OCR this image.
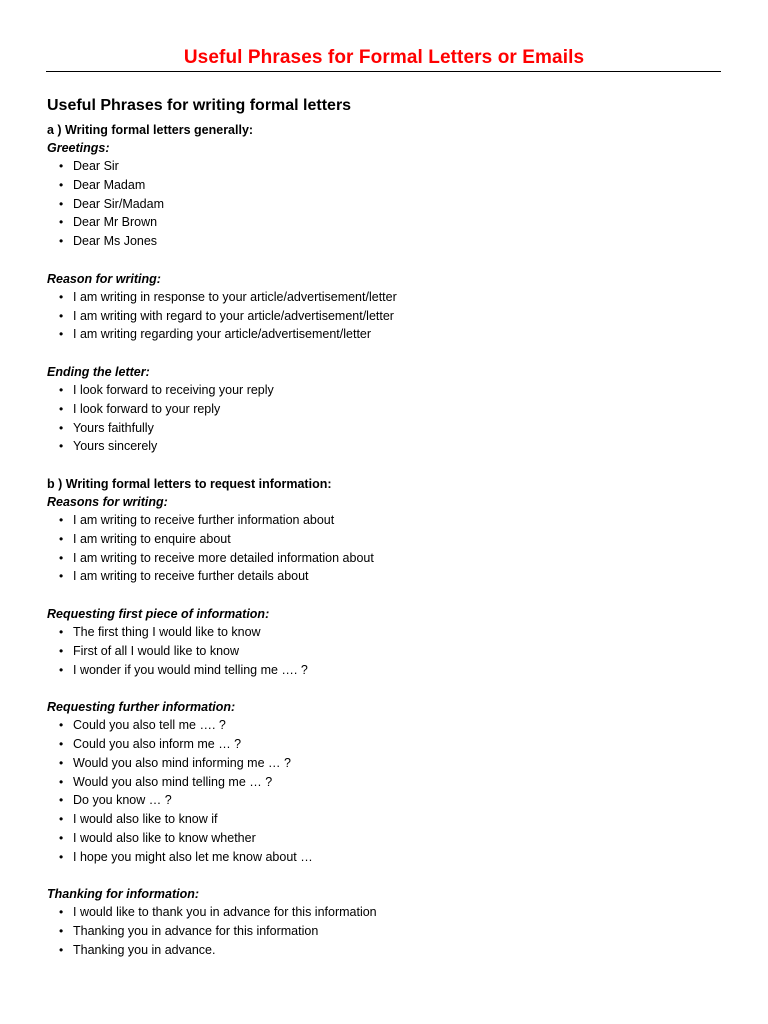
Useful Phrases for Formal Letters or Emails
Useful Phrases for writing formal letters
a ) Writing formal letters generally:
Greetings:
• Dear Sir
• Dear Madam
• Dear Sir/Madam
• Dear Mr Brown
• Dear Ms Jones
Reason for writing:
• I am writing in response to your article/advertisement/letter
• I am writing with regard to your article/advertisement/letter
• I am writing regarding your article/advertisement/letter
Ending the letter:
• I look forward to receiving your reply
• I look forward to your reply
• Yours faithfully
• Yours sincerely
b ) Writing formal letters to request information:
Reasons for writing:
• I am writing to receive further information about
• I am writing to enquire about
• I am writing to receive more detailed information about
• I am writing to receive further details about
Requesting first piece of information:
• The first thing I would like to know
• First of all I would like to know
• I wonder if you would mind telling me …. ?
Requesting further information:
• Could you also tell me …. ?
• Could you also inform me … ?
• Would you also mind informing me … ?
• Would you also mind telling me … ?
• Do you know … ?
• I would also like to know if
• I would also like to know whether
• I hope you might also let me know about …
Thanking for information:
• I would like to thank you in advance for this information
• Thanking you in advance for this information
• Thanking you in advance.
